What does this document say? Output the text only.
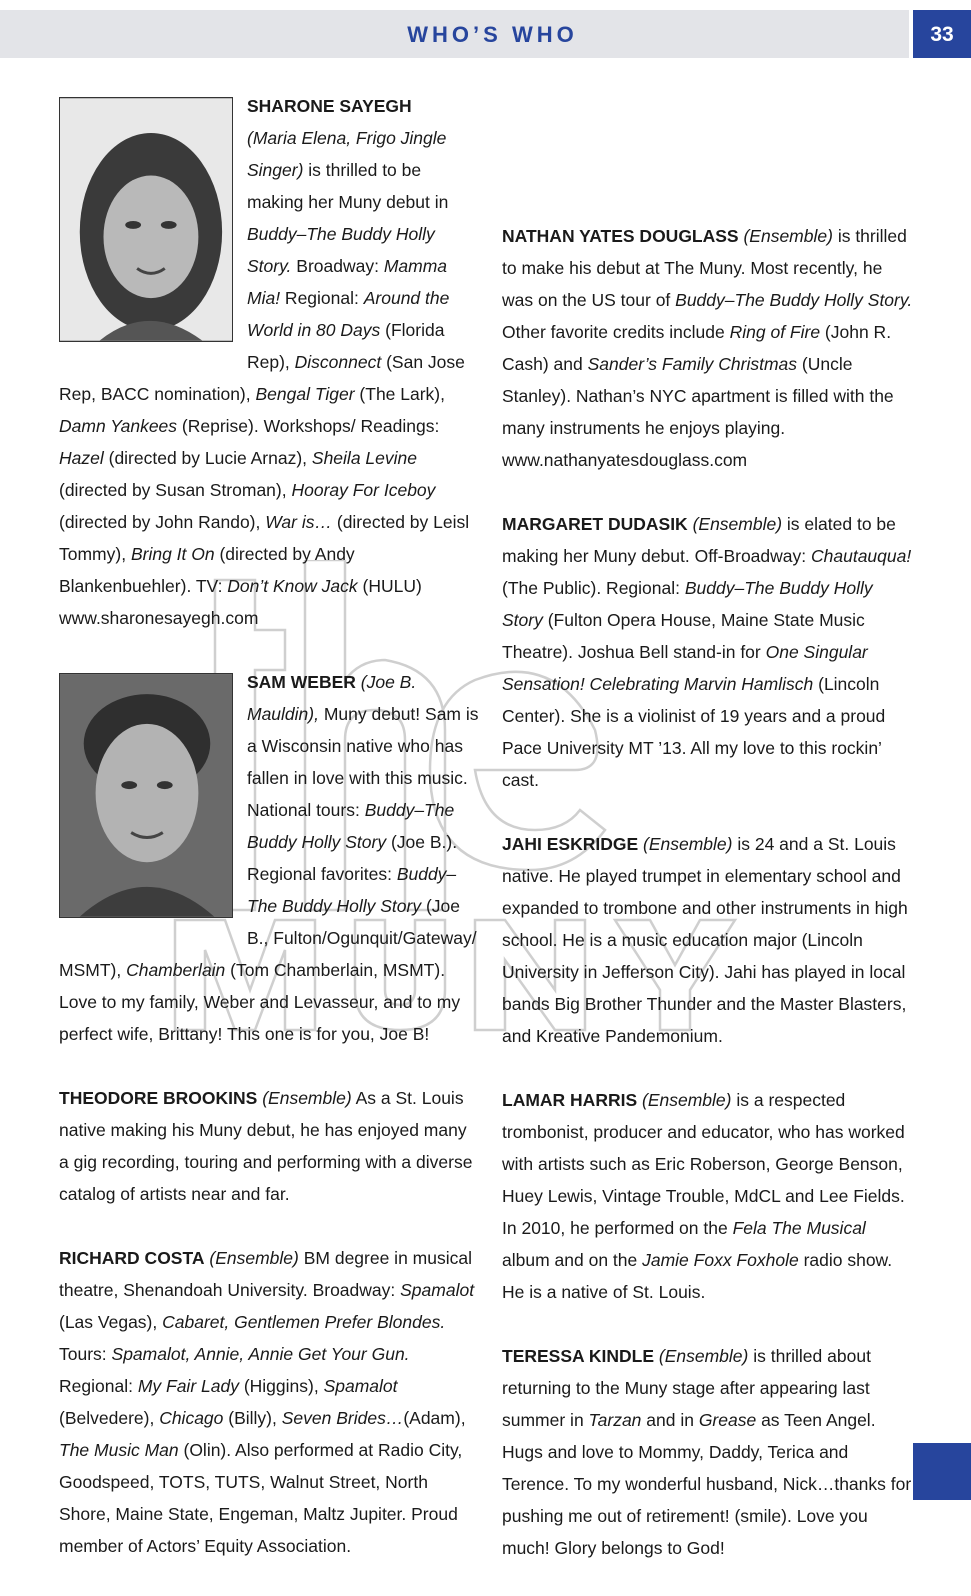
WHO’S WHO	33

SHARONE SAYEGH
(Maria Elena, Frigo Jingle Singer) is thrilled to be making her Muny debut in Buddy–The Buddy Holly Story. Broadway: Mamma Mia! Regional: Around the World in 80 Days (Florida Rep), Disconnect (San Jose Rep, BACC nomination), Bengal Tiger (The Lark), Damn Yankees (Reprise). Workshops/ Readings: Hazel (directed by Lucie Arnaz), Sheila Levine (directed by Susan Stroman), Hooray For Iceboy (directed by John Rando), War is… (directed by Leisl Tommy), Bring It On (directed by Andy Blankenbuehler). TV: Don’t Know Jack (HULU) www.sharonesayegh.com

SAM WEBER (Joe B. Mauldin), Muny debut! Sam is a Wisconsin native who has fallen in love with this music. National tours: Buddy–The Buddy Holly Story (Joe B.). Regional favorites: Buddy–The Buddy Holly Story (Joe B., Fulton/Ogunquit/Gateway/ MSMT), Chamberlain (Tom Chamberlain, MSMT). Love to my family, Weber and Levasseur, and to my perfect wife, Brittany! This one is for you, Joe B!

THEODORE BROOKINS (Ensemble) As a St. Louis native making his Muny debut, he has enjoyed many a gig recording, touring and performing with a diverse catalog of artists near and far.

RICHARD COSTA (Ensemble) BM degree in musical theatre, Shenandoah University. Broadway: Spamalot (Las Vegas), Cabaret, Gentlemen Prefer Blondes. Tours: Spamalot, Annie, Annie Get Your Gun. Regional: My Fair Lady (Higgins), Spamalot (Belvedere), Chicago (Billy), Seven Brides…(Adam), The Music Man (Olin). Also performed at Radio City, Goodspeed, TOTS, TUTS, Walnut Street, North Shore, Maine State, Engeman, Maltz Jupiter. Proud member of Actors’ Equity Association.

NATHAN YATES DOUGLASS (Ensemble) is thrilled to make his debut at The Muny. Most recently, he was on the US tour of Buddy–The Buddy Holly Story. Other favorite credits include Ring of Fire (John R. Cash) and Sander’s Family Christmas (Uncle Stanley). Nathan’s NYC apartment is filled with the many instruments he enjoys playing. www.nathanyatesdouglass.com

MARGARET DUDASIK (Ensemble) is elated to be making her Muny debut. Off-Broadway: Chautauqua! (The Public). Regional: Buddy–The Buddy Holly Story (Fulton Opera House, Maine State Music Theatre). Joshua Bell stand-in for One Singular Sensation! Celebrating Marvin Hamlisch (Lincoln Center). She is a violinist of 19 years and a proud Pace University MT ’13. All my love to this rockin’ cast.

JAHI ESKRIDGE (Ensemble) is 24 and a St. Louis native. He played trumpet in elementary school and expanded to trombone and other instruments in high school. He is a music education major (Lincoln University in Jefferson City). Jahi has played in local bands Big Brother Thunder and the Master Blasters, and Kreative Pandemonium.

LAMAR HARRIS (Ensemble) is a respected trombonist, producer and educator, who has worked with artists such as Eric Roberson, George Benson, Huey Lewis, Vintage Trouble, MdCL and Lee Fields. In 2010, he performed on the Fela The Musical album and on the Jamie Foxx Foxhole radio show. He is a native of St. Louis.

TERESSA KINDLE (Ensemble) is thrilled about returning to the Muny stage after appearing last summer in Tarzan and in Grease as Teen Angel. Hugs and love to Mommy, Daddy, Terica and Terence. To my wonderful husband, Nick…thanks for pushing me out of retirement! (smile). Love you much! Glory belongs to God!
